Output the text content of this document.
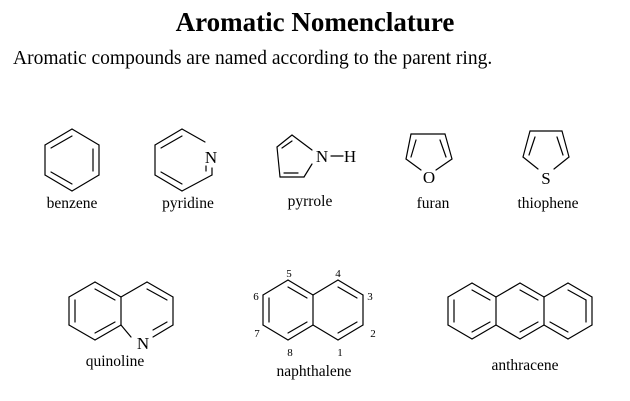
Aromatic Nomenclature
Aromatic compounds are named according to the parent ring.
benzene
N
pyridine
N H
pyrrole
O
furan
S
thiophene
N
quinoline	1
2
3
4
5
6
7
8
naphthalene	anthracene
